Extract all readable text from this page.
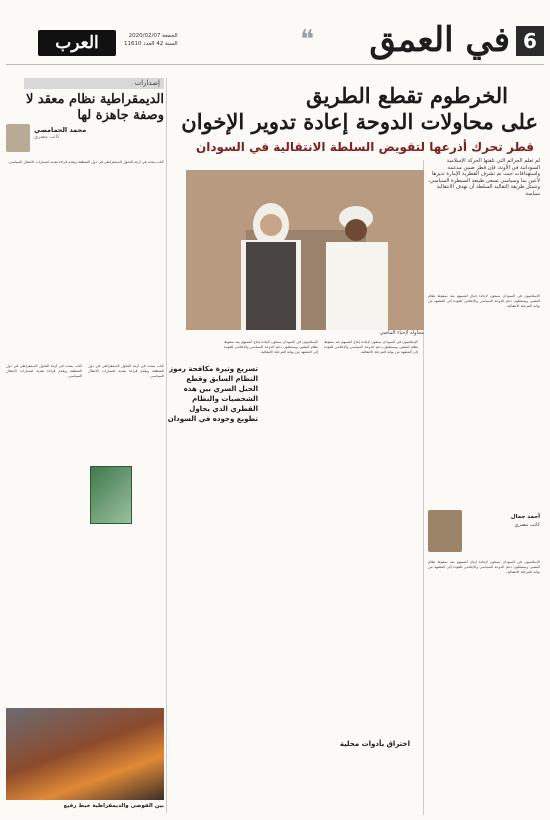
6
في العمق
❝
العرب	الجمعة 2020/02/07
السنة 42 العدد 11610
الخرطوم تقطع الطريق
على محاولات الدوحة إعادة تدوير الإخوان
قطر تحرك أذرعها لتقويض السلطة الانتقالية في السودان
لم تعلم الجرائم التي تلقتها الحركة الإسلامية السودانية في الآونة، فإن قطر ضمن مدعمة واستهدافات حيث تم تشرف القطرية الإمارة تديرها لأعين بما وسياسي تسعى طبيعة السيطرة السياسي، وتتمثل طريقة التقاليد السلطة أن تهدف الانتقالية سياسة
الإسلاميون في السودان يسعون لإعادة إنتاج أنفسهم بعد سقوط نظام البشير، ويستغلون دعم الدوحة السياسي والإعلامي للعودة إلى المشهد من بوابة المرحلة الانتقالية.
أحمد جمال
كاتب مصري
الإسلاميون في السودان يسعون لإعادة إنتاج أنفسهم بعد سقوط نظام البشير، ويستغلون دعم الدوحة السياسي والإعلامي للعودة إلى المشهد من بوابة المرحلة الانتقالية.
محاولة لإحياء الماضي
الإسلاميون في السودان يسعون لإعادة إنتاج أنفسهم بعد سقوط نظام البشير، ويستغلون دعم الدوحة السياسي والإعلامي للعودة إلى المشهد من بوابة المرحلة الانتقالية.
الإسلاميون في السودان يسعون لإعادة إنتاج أنفسهم بعد سقوط نظام البشير، ويستغلون دعم الدوحة السياسي والإعلامي للعودة إلى المشهد من بوابة المرحلة الانتقالية.
تسريع وتيرة مكافحة رموز النظام السابق وقطع الحبل السري بين هذه الشخصيات والنظام القطري الذي يحاول تطويع وجوده في السودان
اختراق بأدوات محلية
إصدارات
الديمقراطية نظام معقد لا وصفة جاهزة لها
محمد الحمامصي
كاتب مصري
كتاب يبحث في أزمة التحول الديمقراطي في دول المنطقة ويقدم قراءة نقدية لمسارات الانتقال السياسي.
كتاب يبحث في أزمة التحول الديمقراطي في دول المنطقة ويقدم قراءة نقدية لمسارات الانتقال السياسي.
كتاب يبحث في أزمة التحول الديمقراطي في دول المنطقة ويقدم قراءة نقدية لمسارات الانتقال السياسي.
بين الفوضى والديمقراطية خيط رفيع
